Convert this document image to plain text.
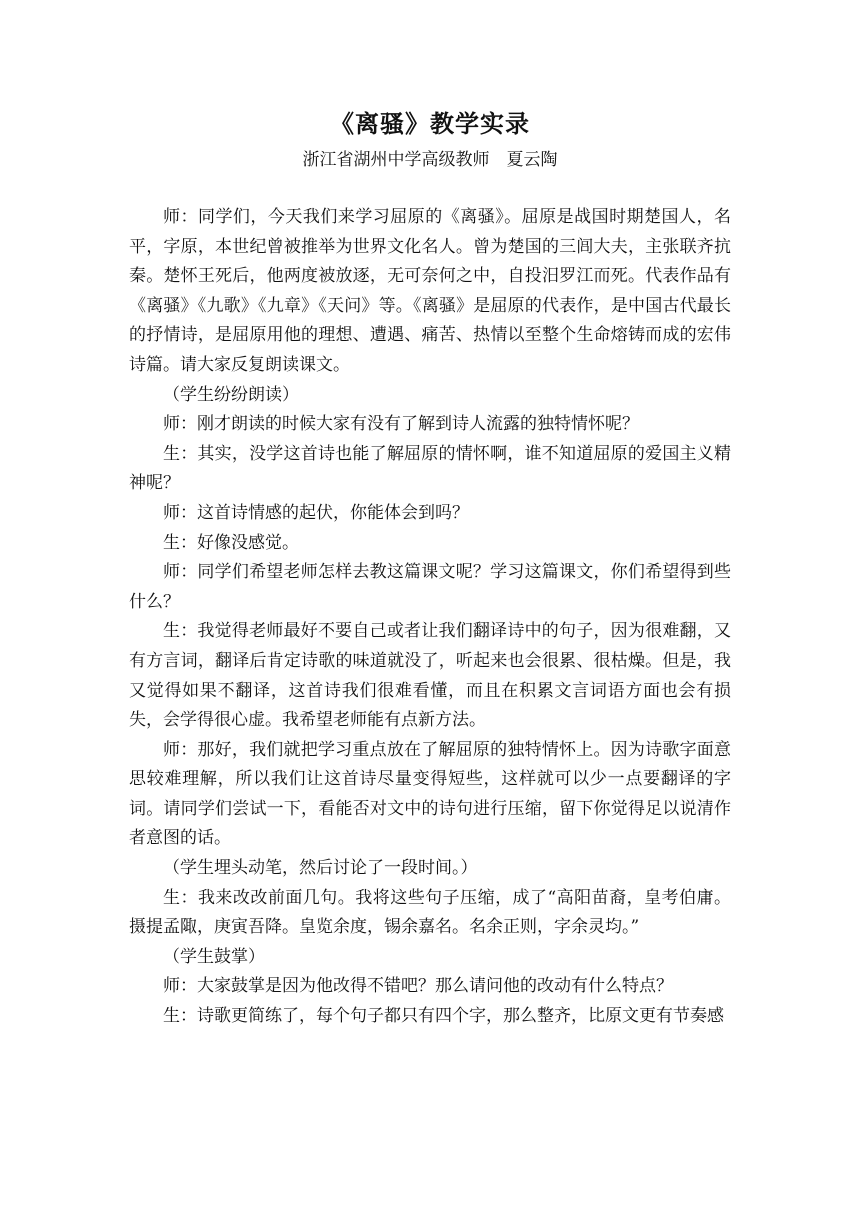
《离骚》教学实录
浙江省湖州中学高级教师　夏云陶

师：同学们，今天我们来学习屈原的《离骚》。屈原是战国时期楚国人，名平，字原，本世纪曾被推举为世界文化名人。曾为楚国的三闾大夫，主张联齐抗秦。楚怀王死后，他两度被放逐，无可奈何之中，自投汨罗江而死。代表作品有《离骚》《九歌》《九章》《天问》等。《离骚》是屈原的代表作，是中国古代最长的抒情诗，是屈原用他的理想、遭遇、痛苦、热情以至整个生命熔铸而成的宏伟诗篇。请大家反复朗读课文。

（学生纷纷朗读）

师：刚才朗读的时候大家有没有了解到诗人流露的独特情怀呢？

生：其实，没学这首诗也能了解屈原的情怀啊，谁不知道屈原的爱国主义精神呢？

师：这首诗情感的起伏，你能体会到吗？

生：好像没感觉。

师：同学们希望老师怎样去教这篇课文呢？学习这篇课文，你们希望得到些什么？

生：我觉得老师最好不要自己或者让我们翻译诗中的句子，因为很难翻，又有方言词，翻译后肯定诗歌的味道就没了，听起来也会很累、很枯燥。但是，我又觉得如果不翻译，这首诗我们很难看懂，而且在积累文言词语方面也会有损失，会学得很心虚。我希望老师能有点新方法。

师：那好，我们就把学习重点放在了解屈原的独特情怀上。因为诗歌字面意思较难理解，所以我们让这首诗尽量变得短些，这样就可以少一点要翻译的字词。请同学们尝试一下，看能否对文中的诗句进行压缩，留下你觉得足以说清作者意图的话。

（学生埋头动笔，然后讨论了一段时间。）

生：我来改改前面几句。我将这些句子压缩，成了“高阳苗裔，皇考伯庸。摄提孟陬，庚寅吾降。皇览余度，锡余嘉名。名余正则，字余灵均。”

（学生鼓掌）

师：大家鼓掌是因为他改得不错吧？那么请问他的改动有什么特点？

生：诗歌更简练了，每个句子都只有四个字，那么整齐，比原文更有节奏感
